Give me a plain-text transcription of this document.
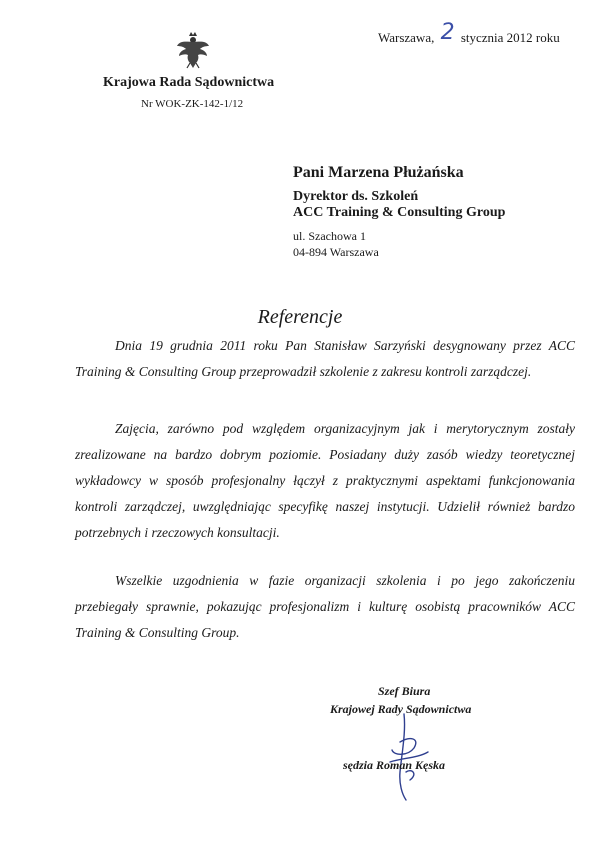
Warszawa, 2 stycznia 2012 roku
Krajowa Rada Sądownictwa
Nr WOK-ZK-142-1/12
Pani Marzena Płużańska
Dyrektor ds. Szkoleń
ACC Training & Consulting Group
ul. Szachowa 1
04-894 Warszawa
Referencje

Dnia 19 grudnia 2011 roku Pan Stanisław Sarzyński desygnowany przez ACC Training & Consulting Group przeprowadził szkolenie z zakresu kontroli zarządczej.

Zajęcia, zarówno pod względem organizacyjnym jak i merytorycznym zostały zrealizowane na bardzo dobrym poziomie. Posiadany duży zasób wiedzy teoretycznej wykładowcy w sposób profesjonalny łączył z praktycznymi aspektami funkcjonowania kontroli zarządczej, uwzględniając specyfikę naszej instytucji. Udzielił również bardzo potrzebnych i rzeczowych konsultacji.

Wszelkie uzgodnienia w fazie organizacji szkolenia i po jego zakończeniu przebiegały sprawnie, pokazując profesjonalizm i kulturę osobistą pracowników ACC Training & Consulting Group.

Szef Biura
Krajowej Rady Sądownictwa
sędzia Roman Kęska
